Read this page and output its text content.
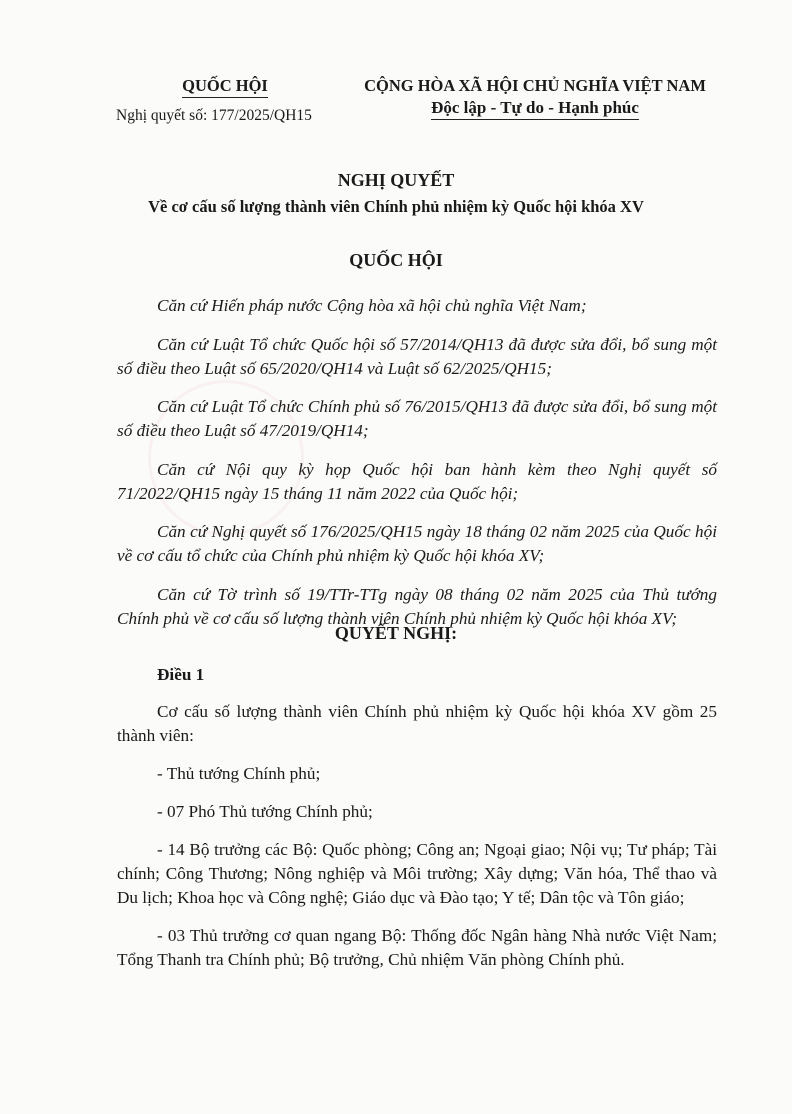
QUỐC HỘI
Nghị quyết số: 177/2025/QH15
CỘNG HÒA XÃ HỘI CHỦ NGHĨA VIỆT NAM
Độc lập - Tự do - Hạnh phúc
NGHỊ QUYẾT
Về cơ cấu số lượng thành viên Chính phủ nhiệm kỳ Quốc hội khóa XV
QUỐC HỘI

Căn cứ Hiến pháp nước Cộng hòa xã hội chủ nghĩa Việt Nam;

Căn cứ Luật Tổ chức Quốc hội số 57/2014/QH13 đã được sửa đổi, bổ sung một số điều theo Luật số 65/2020/QH14 và Luật số 62/2025/QH15;

Căn cứ Luật Tổ chức Chính phủ số 76/2015/QH13 đã được sửa đổi, bổ sung một số điều theo Luật số 47/2019/QH14;

Căn cứ Nội quy kỳ họp Quốc hội ban hành kèm theo Nghị quyết số 71/2022/QH15 ngày 15 tháng 11 năm 2022 của Quốc hội;

Căn cứ Nghị quyết số 176/2025/QH15 ngày 18 tháng 02 năm 2025 của Quốc hội về cơ cấu tổ chức của Chính phủ nhiệm kỳ Quốc hội khóa XV;

Căn cứ Tờ trình số 19/TTr-TTg ngày 08 tháng 02 năm 2025 của Thủ tướng Chính phủ về cơ cấu số lượng thành viên Chính phủ nhiệm kỳ Quốc hội khóa XV;

QUYẾT NGHỊ:

Điều 1

Cơ cấu số lượng thành viên Chính phủ nhiệm kỳ Quốc hội khóa XV gồm 25 thành viên:

- Thủ tướng Chính phủ;

- 07 Phó Thủ tướng Chính phủ;

- 14 Bộ trưởng các Bộ: Quốc phòng; Công an; Ngoại giao; Nội vụ; Tư pháp; Tài chính; Công Thương; Nông nghiệp và Môi trường; Xây dựng; Văn hóa, Thể thao và Du lịch; Khoa học và Công nghệ; Giáo dục và Đào tạo; Y tế; Dân tộc và Tôn giáo;

- 03 Thủ trưởng cơ quan ngang Bộ: Thống đốc Ngân hàng Nhà nước Việt Nam; Tổng Thanh tra Chính phủ; Bộ trưởng, Chủ nhiệm Văn phòng Chính phủ.
